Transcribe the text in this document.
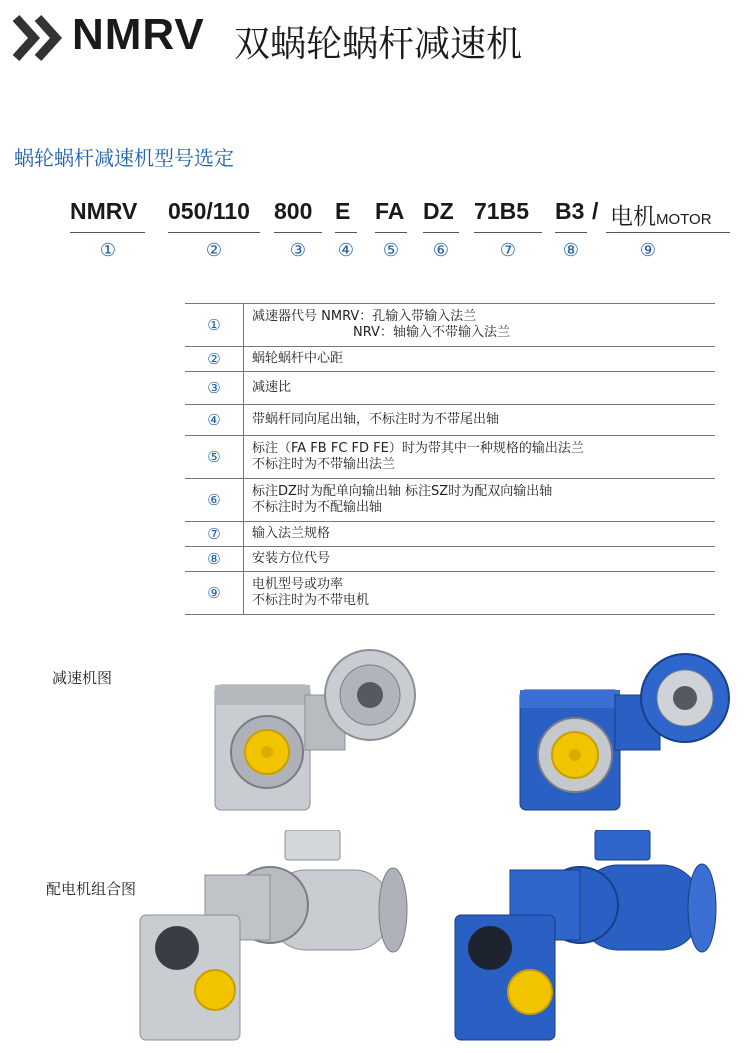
NMRV 双蜗轮蜗杆减速机
蜗轮蜗杆减速机型号选定
NMRV 050/110 800 E FA DZ 71B5 B3 / 电机MOTOR
①	②	③	④	⑤	⑥	⑦	⑧	⑨
①	减速器代号 NMRV：孔输入带输入法兰
NRV：轴输入不带输入法兰
②	蜗轮蜗杆中心距
③	减速比
④	带蜗杆同向尾出轴，不标注时为不带尾出轴
⑤	标注（FA FB FC FD FE）时为带其中一种规格的输出法兰
不标注时为不带输出法兰
⑥	标注DZ时为配单向输出轴 标注SZ时为配双向输出轴
不标注时为不配输出轴
⑦	输入法兰规格
⑧	安装方位代号
⑨	电机型号或功率
不标注时为不带电机
减速机图
配电机组合图
